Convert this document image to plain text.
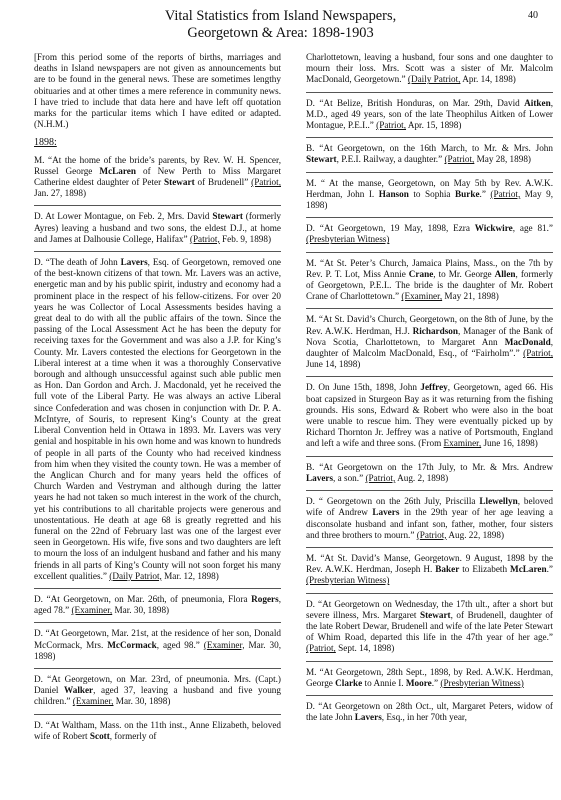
40
Vital Statistics from Island Newspapers,
Georgetown & Area: 1898-1903

[From this period some of the reports of births, marriages and deaths in Island newspapers are not given as announcements but are to be found in the general news. These are sometimes lengthy obituaries and at other times a mere reference in community news. I have tried to include that data here and have left off quotation marks for the particular items which I have edited or adapted. (N.H.M.)

1898:

M. “At the home of the bride’s parents, by Rev. W. H. Spencer, Russel George McLaren of New Perth to Miss Margaret Catherine eldest daughter of Peter Stewart of Brudenell” (Patriot, Jan. 27, 1898)

D. At Lower Montague, on Feb. 2, Mrs. David Stewart (formerly Ayres) leaving a husband and two sons, the eldest D.J., at home and James at Dalhousie College, Halifax” (Patriot, Feb. 9, 1898)

D. “The death of John Lavers, Esq. of Georgetown, removed one of the best-known citizens of that town. Mr. Lavers was an active, energetic man and by his public spirit, industry and economy had a prominent place in the respect of his fellow-citizens. For over 20 years he was Collector of Local Assessments besides having a great deal to do with all the public affairs of the town. Since the passing of the Local Assessment Act he has been the deputy for receiving taxes for the Government and was also a J.P. for King’s County. Mr. Lavers contested the elections for Georgetown in the Liberal interest at a time when it was a thoroughly Conservative borough and although unsuccessful against such able public men as Hon. Dan Gordon and Arch. J. Macdonald, yet he received the full vote of the Liberal Party. He was always an active Liberal since Confederation and was chosen in conjunction with Dr. P. A. McIntyre, of Souris, to represent King’s County at the great Liberal Convention held in Ottawa in 1893. Mr. Lavers was very genial and hospitable in his own home and was known to hundreds of people in all parts of the County who had received kindness from him when they visited the county town. He was a member of the Anglican Church and for many years held the offices of Church Warden and Vestryman and although during the latter years he had not taken so much interest in the work of the church, yet his contributions to all charitable projects were generous and unostentatious. He death at age 68 is greatly regretted and his funeral on the 22nd of February last was one of the largest ever seen in Georgetown. His wife, five sons and two daughters are left to mourn the loss of an indulgent husband and father and his many friends in all parts of King’s County will not soon forget his many excellent qualities.” (Daily Patriot, Mar. 12, 1898)

D. “At Georgetown, on Mar. 26th, of pneumonia, Flora Rogers, aged 78.” (Examiner, Mar. 30, 1898)

D. “At Georgetown, Mar. 21st, at the residence of her son, Donald McCormack, Mrs. McCormack, aged 98.” (Examiner, Mar. 30, 1898)

D. “At Georgetown, on Mar. 23rd, of pneumonia. Mrs. (Capt.) Daniel Walker, aged 37, leaving a husband and five young children.” (Examiner, Mar. 30, 1898)

D. “At Waltham, Mass. on the 11th inst., Anne Elizabeth, beloved wife of Robert Scott, formerly of

Charlottetown, leaving a husband, four sons and one daughter to mourn their loss. Mrs. Scott was a sister of Mr. Malcolm MacDonald, Georgetown.” (Daily Patriot, Apr. 14, 1898)

D. “At Belize, British Honduras, on Mar. 29th, David Aitken, M.D., aged 49 years, son of the late Theophilus Aitken of Lower Montague, P.E.I..” (Patriot, Apr. 15, 1898)

B. “At Georgetown, on the 16th March, to Mr. & Mrs. John Stewart, P.E.I. Railway, a daughter.” (Patriot, May 28, 1898)

M. “ At the manse, Georgetown, on May 5th by Rev. A.W.K. Herdman, John I. Hanson to Sophia Burke.” (Patriot, May 9, 1898)

D. “At Georgetown, 19 May, 1898, Ezra Wickwire, age 81.” (Presbyterian Witness)

M. “At St. Peter’s Church, Jamaica Plains, Mass., on the 7th by Rev. P. T. Lot, Miss Annie Crane, to Mr. George Allen, formerly of Georgetown, P.E.I.. The bride is the daughter of Mr. Robert Crane of Charlottetown.” (Examiner, May 21, 1898)

M. “At St. David’s Church, Georgetown, on the 8th of June, by the Rev. A.W.K. Herdman, H.J. Richardson, Manager of the Bank of Nova Scotia, Charlottetown, to Margaret Ann MacDonald, daughter of Malcolm MacDonald, Esq., of “Fairholm”.” (Patriot, June 14, 1898)

D. On June 15th, 1898, John Jeffrey, Georgetown, aged 66. His boat capsized in Sturgeon Bay as it was returning from the fishing grounds. His sons, Edward & Robert who were also in the boat were unable to rescue him. They were eventually picked up by Richard Thornton Jr. Jeffrey was a native of Portsmouth, England and left a wife and three sons. (From Examiner, June 16, 1898)

B. “At Georgetown on the 17th July, to Mr. & Mrs. Andrew Lavers, a son.” (Patriot, Aug. 2, 1898)

D. “ Georgetown on the 26th July, Priscilla Llewellyn, beloved wife of Andrew Lavers in the 29th year of her age leaving a disconsolate husband and infant son, father, mother, four sisters and three brothers to mourn.” (Patriot, Aug. 22, 1898)

M. “At St. David’s Manse, Georgetown. 9 August, 1898 by the Rev. A.W.K. Herdman, Joseph H. Baker to Elizabeth McLaren.” (Presbyterian Witness)

D. “At Georgetown on Wednesday, the 17th ult., after a short but severe illness, Mrs. Margaret Stewart, of Brudenell, daughter of the late Robert Dewar, Brudenell and wife of the late Peter Stewart of Whim Road, departed this life in the 47th year of her age.” (Patriot, Sept. 14, 1898)

M. “At Georgetown, 28th Sept., 1898, by Red. A.W.K. Herdman, George Clarke to Annie I. Moore.” (Presbyterian Witness)

D. “At Georgetown on 28th Oct., ult, Margaret Peters, widow of the late John Lavers, Esq., in her 70th year,
